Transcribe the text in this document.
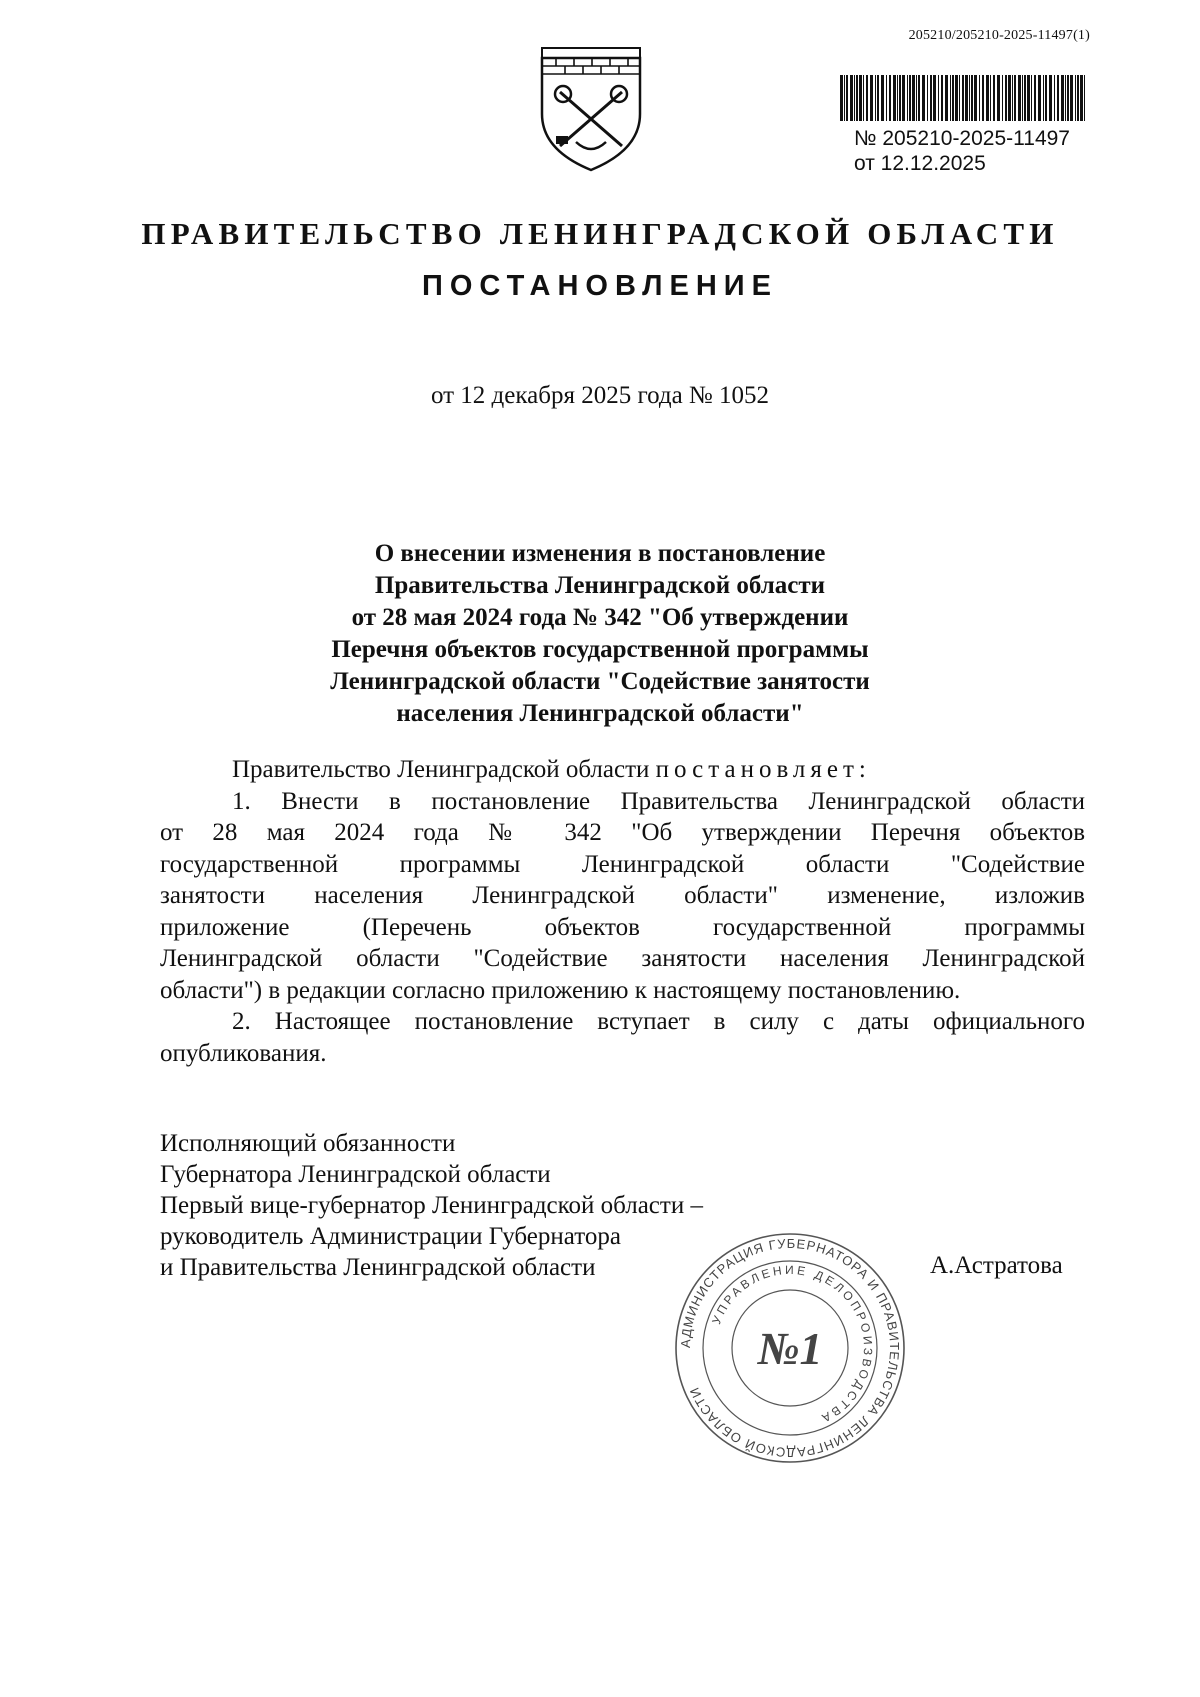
205210/205210-2025-11497(1)
№ 205210-2025-11497
от 12.12.2025
ПРАВИТЕЛЬСТВО ЛЕНИНГРАДСКОЙ ОБЛАСТИ
ПОСТАНОВЛЕНИЕ
от 12 декабря 2025 года № 1052
О внесении изменения в постановление
Правительства Ленинградской области
от 28 мая 2024 года № 342 "Об утверждении
Перечня объектов государственной программы
Ленинградской области "Содействие занятости
населения Ленинградской области"
Правительство Ленинградской области постановляет:
1. Внести в постановление Правительства Ленинградской области
от 28 мая 2024 года № 342 "Об утверждении Перечня объектов
государственной программы Ленинградской области "Содействие
занятости населения Ленинградской области" изменение, изложив
приложение (Перечень объектов государственной программы
Ленинградской области "Содействие занятости населения Ленинградской
области") в редакции согласно приложению к настоящему постановлению.
2. Настоящее постановление вступает в силу с даты официального
опубликования.
Исполняющий обязанности
Губернатора Ленинградской области
Первый вице-губернатор Ленинградской области –
руководитель Администрации Губернатора
и Правительства Ленинградской области	А.Астратова
АДМИНИСТРАЦИЯ ГУБЕРНАТОРА И ПРАВИТЕЛЬСТВА ЛЕНИНГРАДСКОЙ ОБЛАСТИ
УПРАВЛЕНИЕ ДЕЛОПРОИЗВОДСТВА
№1
